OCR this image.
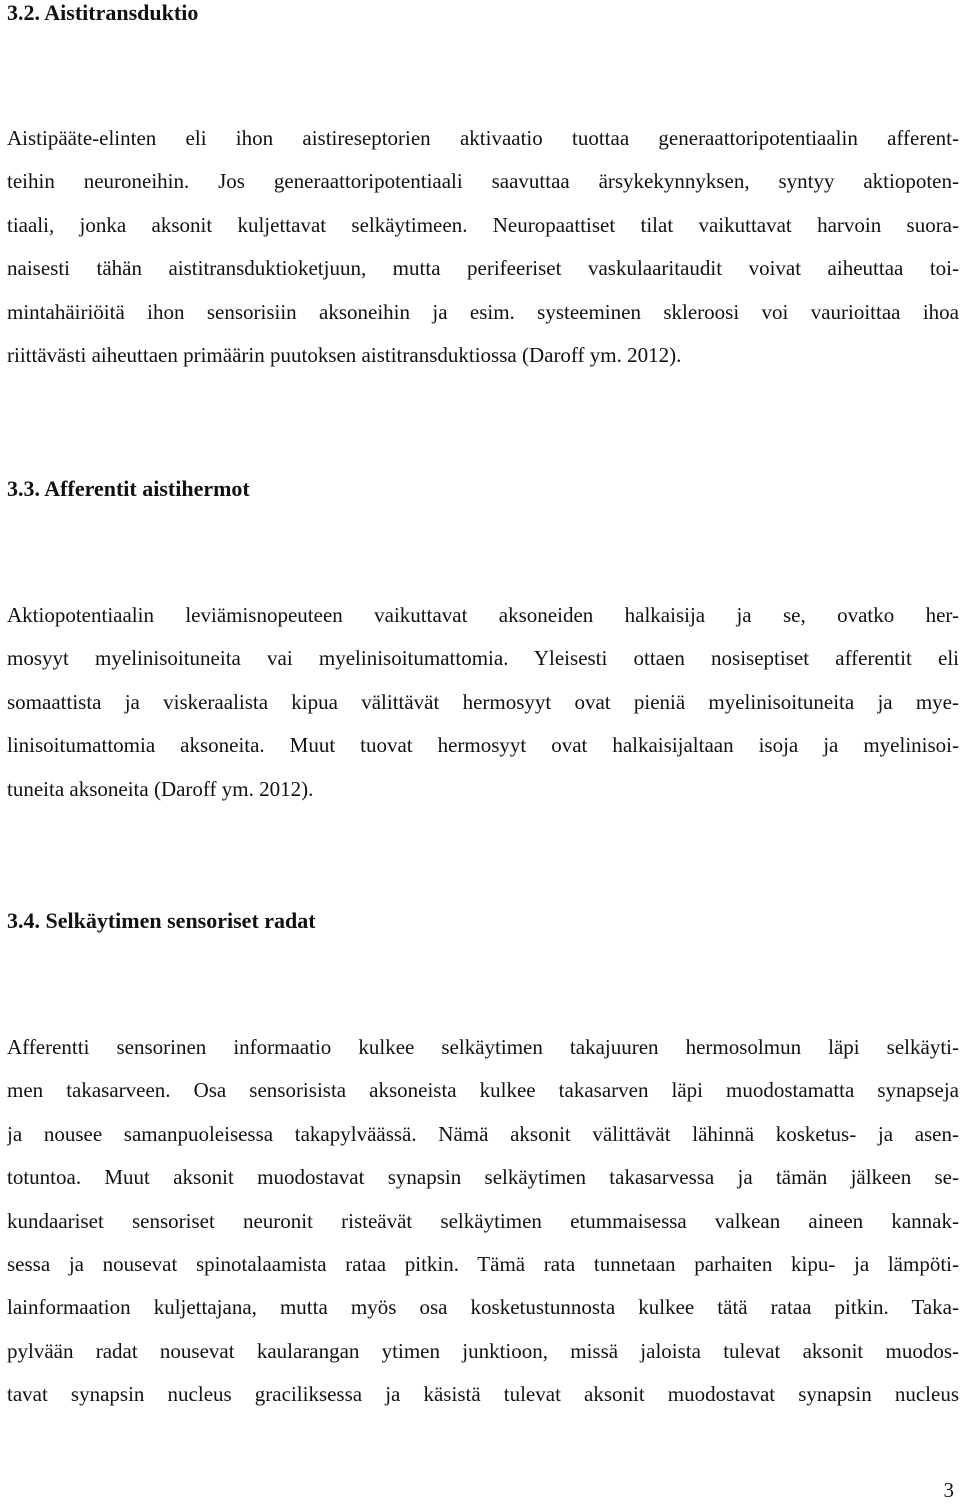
3.2. Aistitransduktio
Aistipääte-elinten eli ihon aistireseptorien aktivaatio tuottaa generaattoripotentiaalin afferent-
teihin neuroneihin. Jos generaattoripotentiaali saavuttaa ärsykekynnyksen, syntyy aktiopoten-
tiaali, jonka aksonit kuljettavat selkäytimeen. Neuropaattiset tilat vaikuttavat harvoin suora-
naisesti tähän aistitransduktioketjuun, mutta perifeeriset vaskulaaritaudit voivat aiheuttaa toi-
mintahäiriöitä ihon sensorisiin aksoneihin ja esim. systeeminen skleroosi voi vaurioittaa ihoa
riittävästi aiheuttaen primäärin puutoksen aistitransduktiossa (Daroff ym. 2012).
3.3. Afferentit aistihermot
Aktiopotentiaalin leviämisnopeuteen vaikuttavat aksoneiden halkaisija ja se, ovatko her-
mosyyt myelinisoituneita vai myelinisoitumattomia. Yleisesti ottaen nosiseptiset afferentit eli
somaattista ja viskeraalista kipua välittävät hermosyyt ovat pieniä myelinisoituneita ja mye-
linisoitumattomia aksoneita. Muut tuovat hermosyyt ovat halkaisijaltaan isoja ja myelinisoi-
tuneita aksoneita (Daroff ym. 2012).
3.4. Selkäytimen sensoriset radat
Afferentti sensorinen informaatio kulkee selkäytimen takajuuren hermosolmun läpi selkäyti-
men takasarveen. Osa sensorisista aksoneista kulkee takasarven läpi muodostamatta synapseja
ja nousee samanpuoleisessa takapylväässä. Nämä aksonit välittävät lähinnä kosketus- ja asen-
totuntoa. Muut aksonit muodostavat synapsin selkäytimen takasarvessa ja tämän jälkeen se-
kundaariset sensoriset neuronit risteävät selkäytimen etummaisessa valkean aineen kannak-
sessa ja nousevat spinotalaamista rataa pitkin. Tämä rata tunnetaan parhaiten kipu- ja lämpöti-
lainformaation kuljettajana, mutta myös osa kosketustunnosta kulkee tätä rataa pitkin. Taka-
pylvään radat nousevat kaularangan ytimen junktioon, missä jaloista tulevat aksonit muodos-
tavat synapsin nucleus graciliksessa ja käsistä tulevat aksonit muodostavat synapsin nucleus
3
